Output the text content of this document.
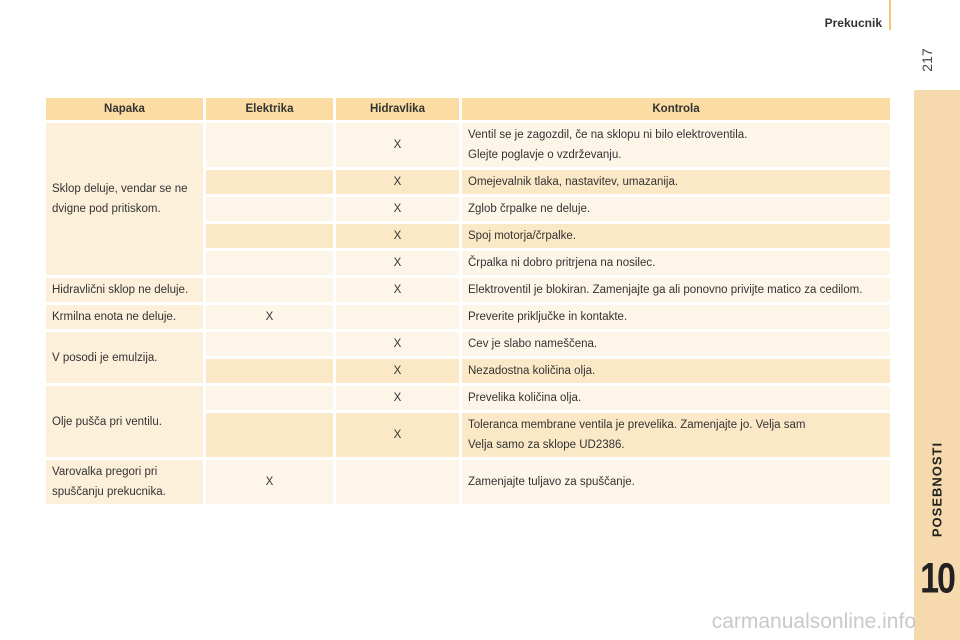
Prekucnik
217
POSEBNOSTI
10
Napaka	Elektrika	Hidravlika	Kontrola
Sklop deluje, vendar se ne dvigne pod pritiskom.		X	Ventil se je zagozdil, če na sklopu ni bilo elektroventila.
Glejte poglavje o vzdrževanju.
		X	Omejevalnik tlaka, nastavitev, umazanija.
		X	Zglob črpalke ne deluje.
		X	Spoj motorja/črpalke.
		X	Črpalka ni dobro pritrjena na nosilec.
Hidravlični sklop ne deluje.		X	Elektroventil je blokiran. Zamenjajte ga ali ponovno privijte matico za cedilom.
Krmilna enota ne deluje.	X		Preverite priključke in kontakte.
V posodi je emulzija.		X	Cev je slabo nameščena.
		X	Nezadostna količina olja.
Olje pušča pri ventilu.		X	Prevelika količina olja.
		X	Toleranca membrane ventila je prevelika. Zamenjajte jo. Velja sam
Velja samo za sklope UD2386.
Varovalka pregori pri spuščanju prekucnika.	X		Zamenjajte tuljavo za spuščanje.
carmanualsonline.info
